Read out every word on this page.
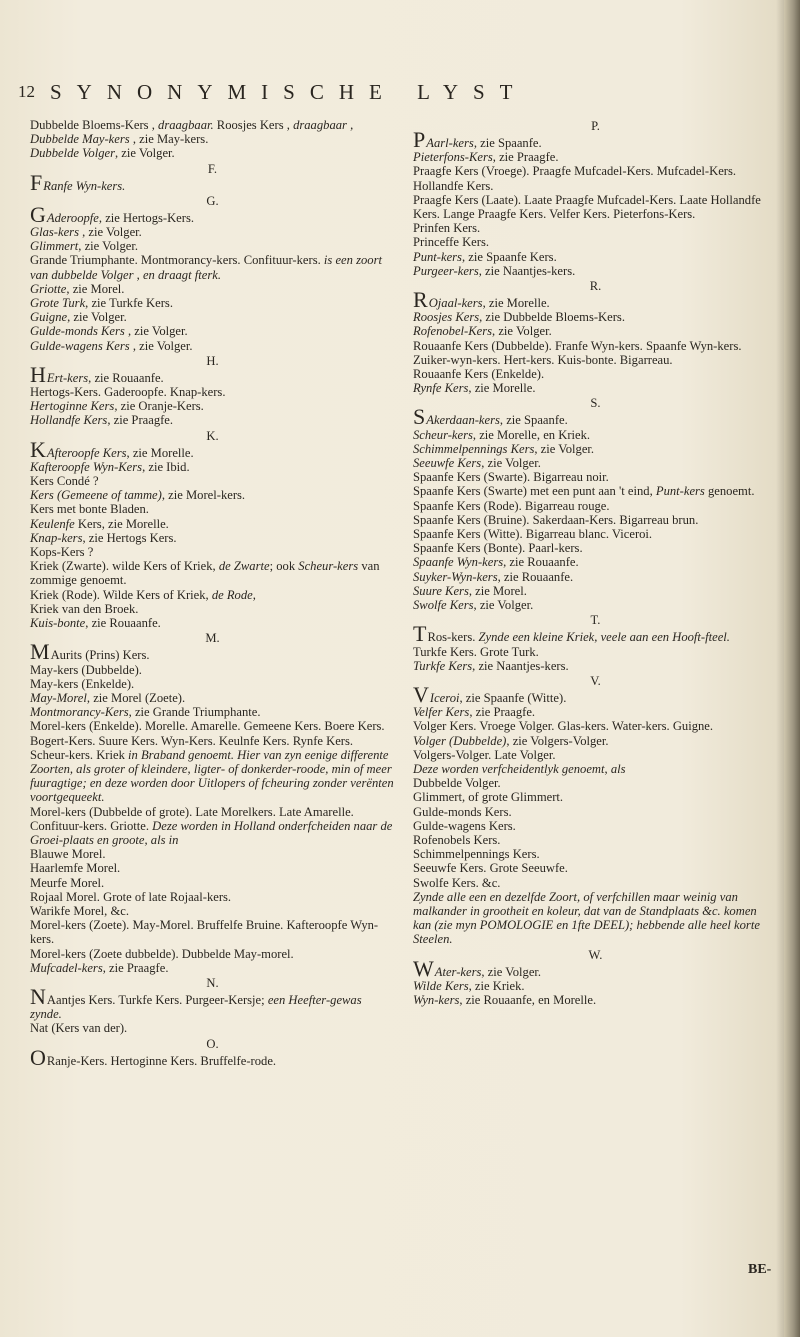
12 SYNONYMISCHE LYST
Dubbelde Bloems-Kers , draagbaar. Roosjes Kers , draagbaar , Dubbelde May-kers , zie May-kers.
Dubbelde Volger, zie Volger.
F.
FRanfe Wyn-kers.
G.
GAderoopfe, zie Hertogs-Kers.
Glas-kers , zie Volger.
Glimmert, zie Volger.
Grande Triumphante. Montmorancy-kers. Confituur-kers. is een zoort van dubbelde Volger , en draagt fterk.
Griotte, zie Morel.
Grote Turk, zie Turkfe Kers.
Guigne, zie Volger.
Gulde-monds Kers , zie Volger.
Gulde-wagens Kers , zie Volger.
H.
HErt-kers, zie Rouaanfe.
Hertogs-Kers. Gaderoopfe. Knap-kers.
Hertoginne Kers, zie Oranje-Kers.
Hollandfe Kers, zie Praagfe.
K.
KAfteroopfe Kers, zie Morelle.
Kafteroopfe Wyn-Kers, zie Ibid.
Kers Condé ?
Kers (Gemeene of tamme), zie Morel-kers.
Kers met bonte Bladen.
Keulenfe Kers, zie Morelle.
Knap-kers, zie Hertogs Kers.
Kops-Kers ?
Kriek (Zwarte). wilde Kers of Kriek, de Zwarte; ook Scheur-kers van zommige genoemt.
Kriek (Rode). Wilde Kers of Kriek, de Rode,
Kriek van den Broek.
Kuis-bonte, zie Rouaanfe.
M.
MAurits (Prins) Kers.
May-kers (Dubbelde).
May-kers (Enkelde).
May-Morel, zie Morel (Zoete).
Montmorancy-Kers, zie Grande Triumphante.
Morel-kers (Enkelde). Morelle. Amarelle. Gemeene Kers. Boere Kers. Bogert-Kers. Suure Kers. Wyn-Kers. Keulnfe Kers. Rynfe Kers. Scheur-kers. Kriek in Braband genoemt. Hier van zyn eenige differente Zoorten, als groter of kleindere, ligter- of donkerder-roode, min of meer fuuragtige; en deze worden door Uitlopers of fcheuring zonder verënten voortgequeekt.
Morel-kers (Dubbelde of grote). Late Morelkers. Late Amarelle. Confituur-kers. Griotte. Deze worden in Holland onderfcheiden naar de Groei-plaats en groote, als in
Blauwe Morel.
Haarlemfe Morel.
Meurfe Morel.
Rojaal Morel. Grote of late Rojaal-kers.
Warikfe Morel, &c.
Morel-kers (Zoete). May-Morel. Bruffelfe Bruine. Kafteroopfe Wyn-kers.
Morel-kers (Zoete dubbelde). Dubbelde May-morel.
Mufcadel-kers, zie Praagfe.
N.
NAantjes Kers. Turkfe Kers. Purgeer-Kersje; een Heefter-gewas zynde.
Nat (Kers van der).
O.
ORanje-Kers. Hertoginne Kers. Bruffelfe-rode.
P.
PAarl-kers, zie Spaanfe.
Pieterfons-Kers, zie Praagfe.
Praagfe Kers (Vroege). Praagfe Mufcadel-Kers. Mufcadel-Kers. Hollandfe Kers.
Praagfe Kers (Laate). Laate Praagfe Mufcadel-Kers. Laate Hollandfe Kers. Lange Praagfe Kers. Velfer Kers. Pieterfons-Kers.
Prinfen Kers.
Princeffe Kers.
Punt-kers, zie Spaanfe Kers.
Purgeer-kers, zie Naantjes-kers.
R.
ROjaal-kers, zie Morelle.
Roosjes Kers, zie Dubbelde Bloems-Kers.
Rofenobel-Kers, zie Volger.
Rouaanfe Kers (Dubbelde). Franfe Wyn-kers. Spaanfe Wyn-kers. Zuiker-wyn-kers. Hert-kers. Kuis-bonte. Bigarreau.
Rouaanfe Kers (Enkelde).
Rynfe Kers, zie Morelle.
S.
SAkerdaan-kers, zie Spaanfe.
Scheur-kers, zie Morelle, en Kriek.
Schimmelpennings Kers, zie Volger.
Seeuwfe Kers, zie Volger.
Spaanfe Kers (Swarte). Bigarreau noir.
Spaanfe Kers (Swarte) met een punt aan 't eind, Punt-kers genoemt.
Spaanfe Kers (Rode). Bigarreau rouge.
Spaanfe Kers (Bruine). Sakerdaan-Kers. Bigarreau brun.
Spaanfe Kers (Witte). Bigarreau blanc. Viceroi.
Spaanfe Kers (Bonte). Paarl-kers.
Spaanfe Wyn-kers, zie Rouaanfe.
Suyker-Wyn-kers, zie Rouaanfe.
Suure Kers, zie Morel.
Swolfe Kers, zie Volger.
T.
TRos-kers. Zynde een kleine Kriek, veele aan een Hooft-fteel.
Turkfe Kers. Grote Turk.
Turkfe Kers, zie Naantjes-kers.
V.
VIceroi, zie Spaanfe (Witte).
Velfer Kers, zie Praagfe.
Volger Kers. Vroege Volger. Glas-kers. Water-kers. Guigne.
Volger (Dubbelde), zie Volgers-Volger.
Volgers-Volger. Late Volger.
Deze worden verfcheidentlyk genoemt, als
Dubbelde Volger.
Glimmert, of grote Glimmert.
Gulde-monds Kers.
Gulde-wagens Kers.
Rofenobels Kers.
Schimmelpennings Kers.
Seeuwfe Kers. Grote Seeuwfe.
Swolfe Kers. &c.
Zynde alle een en dezelfde Zoort, of verfchillen maar weinig van malkander in grootheit en koleur, dat van de Standplaats &c. komen kan (zie myn POMOLOGIE en 1fte DEEL); hebbende alle heel korte Steelen.
W.
WAter-kers, zie Volger.
Wilde Kers, zie Kriek.
Wyn-kers, zie Rouaanfe, en Morelle.
BE-
